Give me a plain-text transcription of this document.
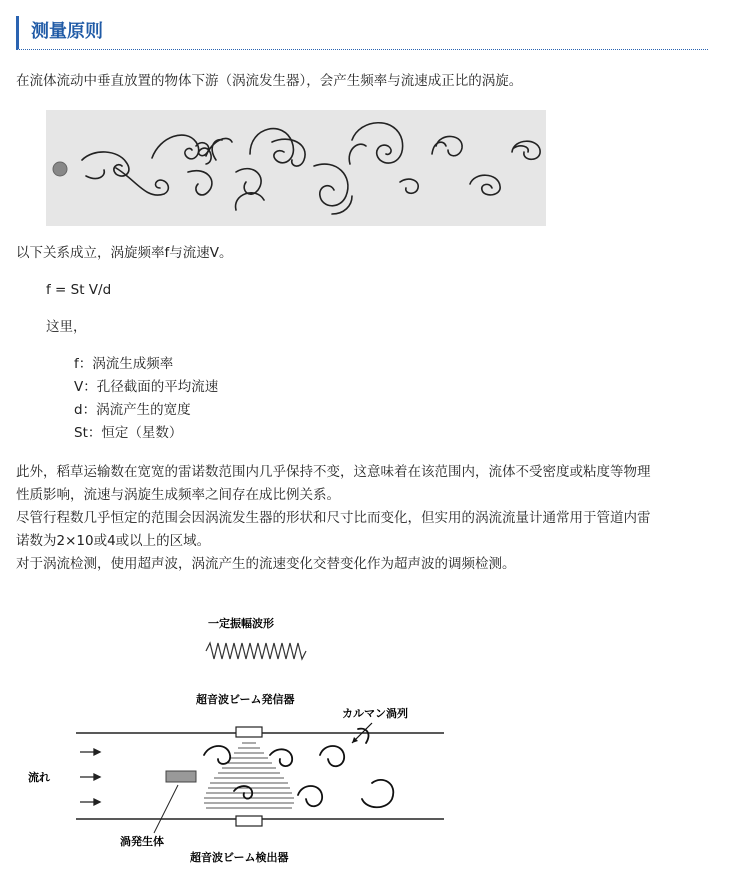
测量原则

在流体流动中垂直放置的物体下游（涡流发生器），会产生频率与流速成正比的涡旋。

以下关系成立，涡旋频率f与流速V。

f = St V/d

这里，

f：涡流生成频率

V：孔径截面的平均流速

d：涡流产生的宽度

St：恒定（星数）

此外，稻草运输数在宽宽的雷诺数范围内几乎保持不变，这意味着在该范围内，流体不受密度或粘度等物理

性质影响，流速与涡旋生成频率之间存在成比例关系。

尽管行程数几乎恒定的范围会因涡流发生器的形状和尺寸比而变化，但实用的涡流流量计通常用于管道内雷

诺数为2×10或4或以上的区域。

对于涡流检测，使用超声波，涡流产生的流速变化交替变化作为超声波的调频检测。

一定振幅波形
超音波ビーム発信器
カルマン渦列
流れ
渦発生体
超音波ビーム検出器
